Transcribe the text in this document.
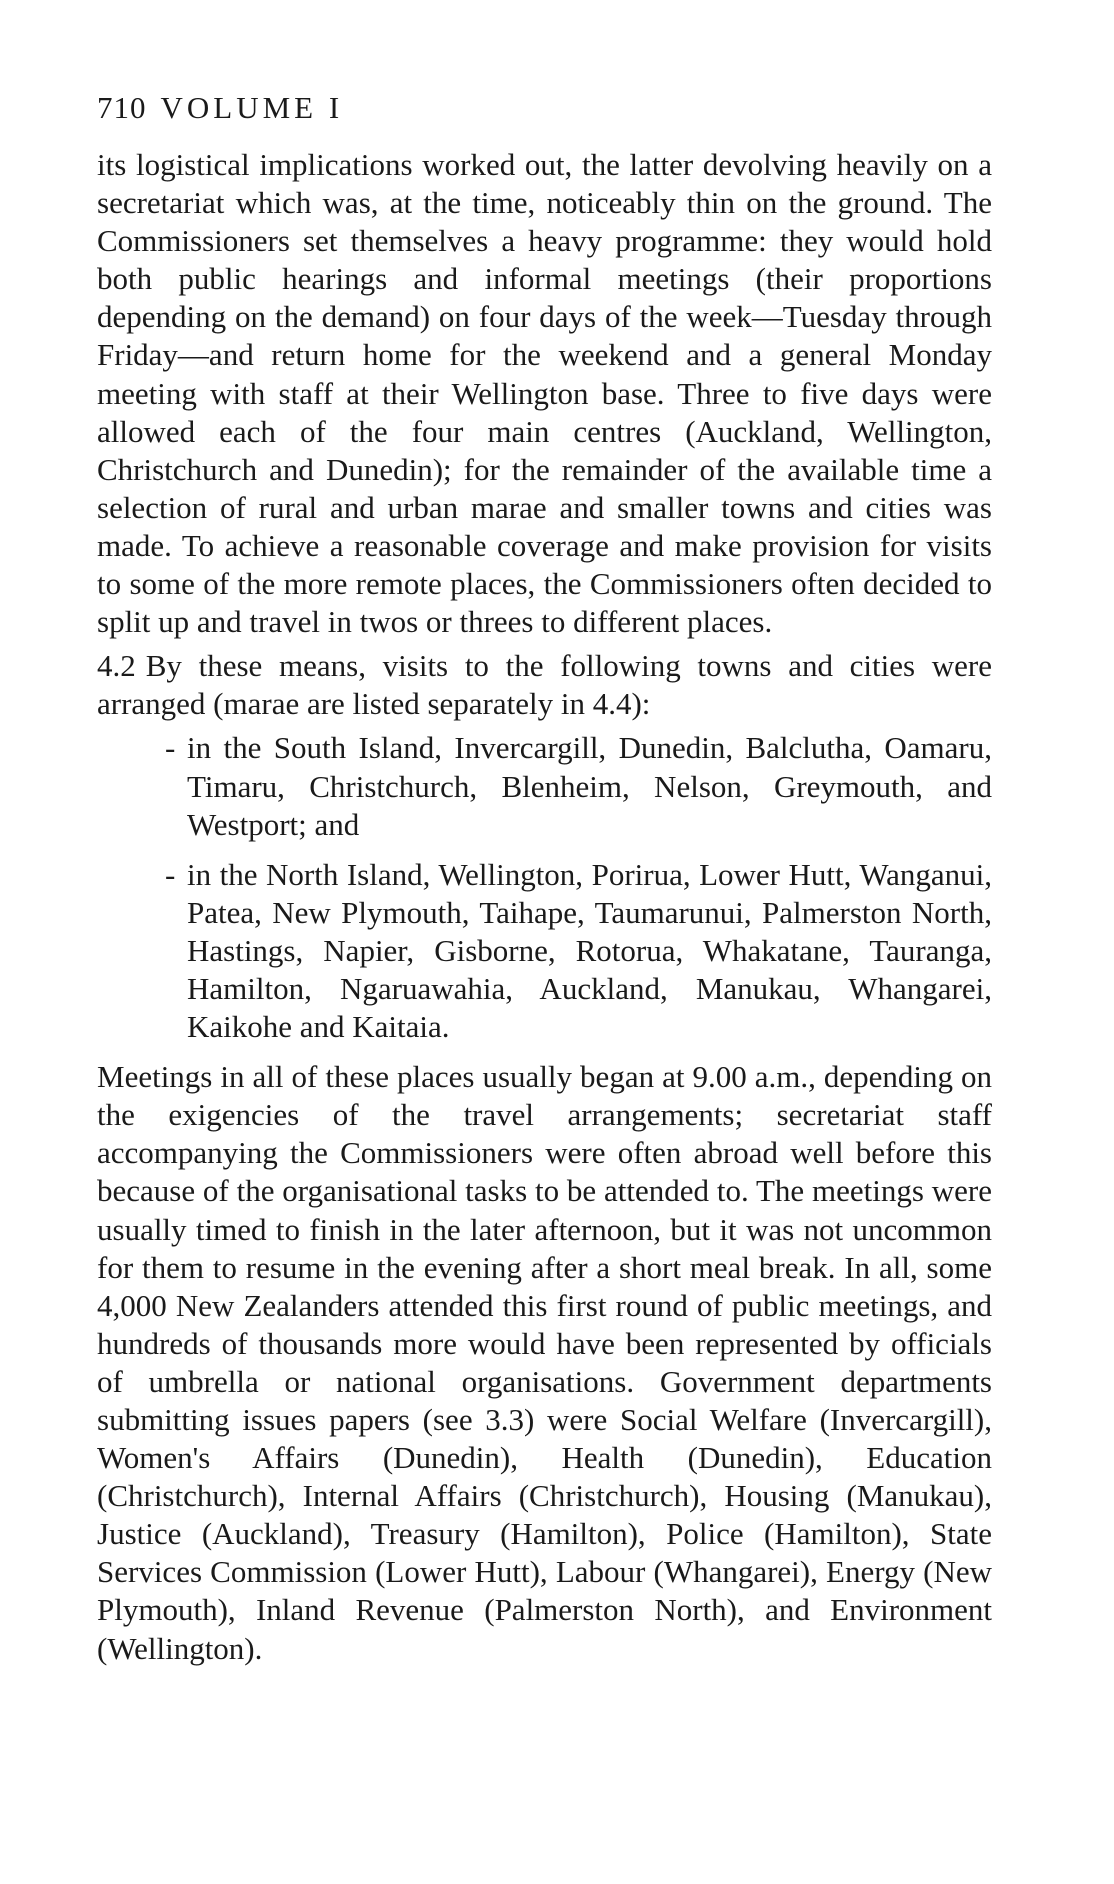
710 VOLUME I

its logistical implications worked out, the latter devolving heavily on a secretariat which was, at the time, noticeably thin on the ground. The Commissioners set themselves a heavy programme: they would hold both public hearings and informal meetings (their proportions depending on the demand) on four days of the week—Tuesday through Friday—and return home for the weekend and a general Monday meeting with staff at their Wellington base. Three to five days were allowed each of the four main centres (Auckland, Wellington, Christchurch and Dunedin); for the remainder of the available time a selection of rural and urban marae and smaller towns and cities was made. To achieve a reasonable coverage and make provision for visits to some of the more remote places, the Commissioners often decided to split up and travel in twos or threes to different places.

4.2 By these means, visits to the following towns and cities were arranged (marae are listed separately in 4.4):

- in the South Island, Invercargill, Dunedin, Balclutha, Oamaru, Timaru, Christchurch, Blenheim, Nelson, Greymouth, and Westport; and
- in the North Island, Wellington, Porirua, Lower Hutt, Wanganui, Patea, New Plymouth, Taihape, Taumarunui, Palmerston North, Hastings, Napier, Gisborne, Rotorua, Whakatane, Tauranga, Hamilton, Ngaruawahia, Auckland, Manukau, Whangarei, Kaikohe and Kaitaia.

Meetings in all of these places usually began at 9.00 a.m., depending on the exigencies of the travel arrangements; secretariat staff accompanying the Commissioners were often abroad well before this because of the organisational tasks to be attended to. The meetings were usually timed to finish in the later afternoon, but it was not uncommon for them to resume in the evening after a short meal break. In all, some 4,000 New Zealanders attended this first round of public meetings, and hundreds of thousands more would have been represented by officials of umbrella or national organisations. Government departments submitting issues papers (see 3.3) were Social Welfare (Invercargill), Women's Affairs (Dunedin), Health (Dunedin), Education (Christchurch), Internal Affairs (Christchurch), Housing (Manukau), Justice (Auckland), Treasury (Hamilton), Police (Hamilton), State Services Commission (Lower Hutt), Labour (Whangarei), Energy (New Plymouth), Inland Revenue (Palmerston North), and Environment (Wellington).
